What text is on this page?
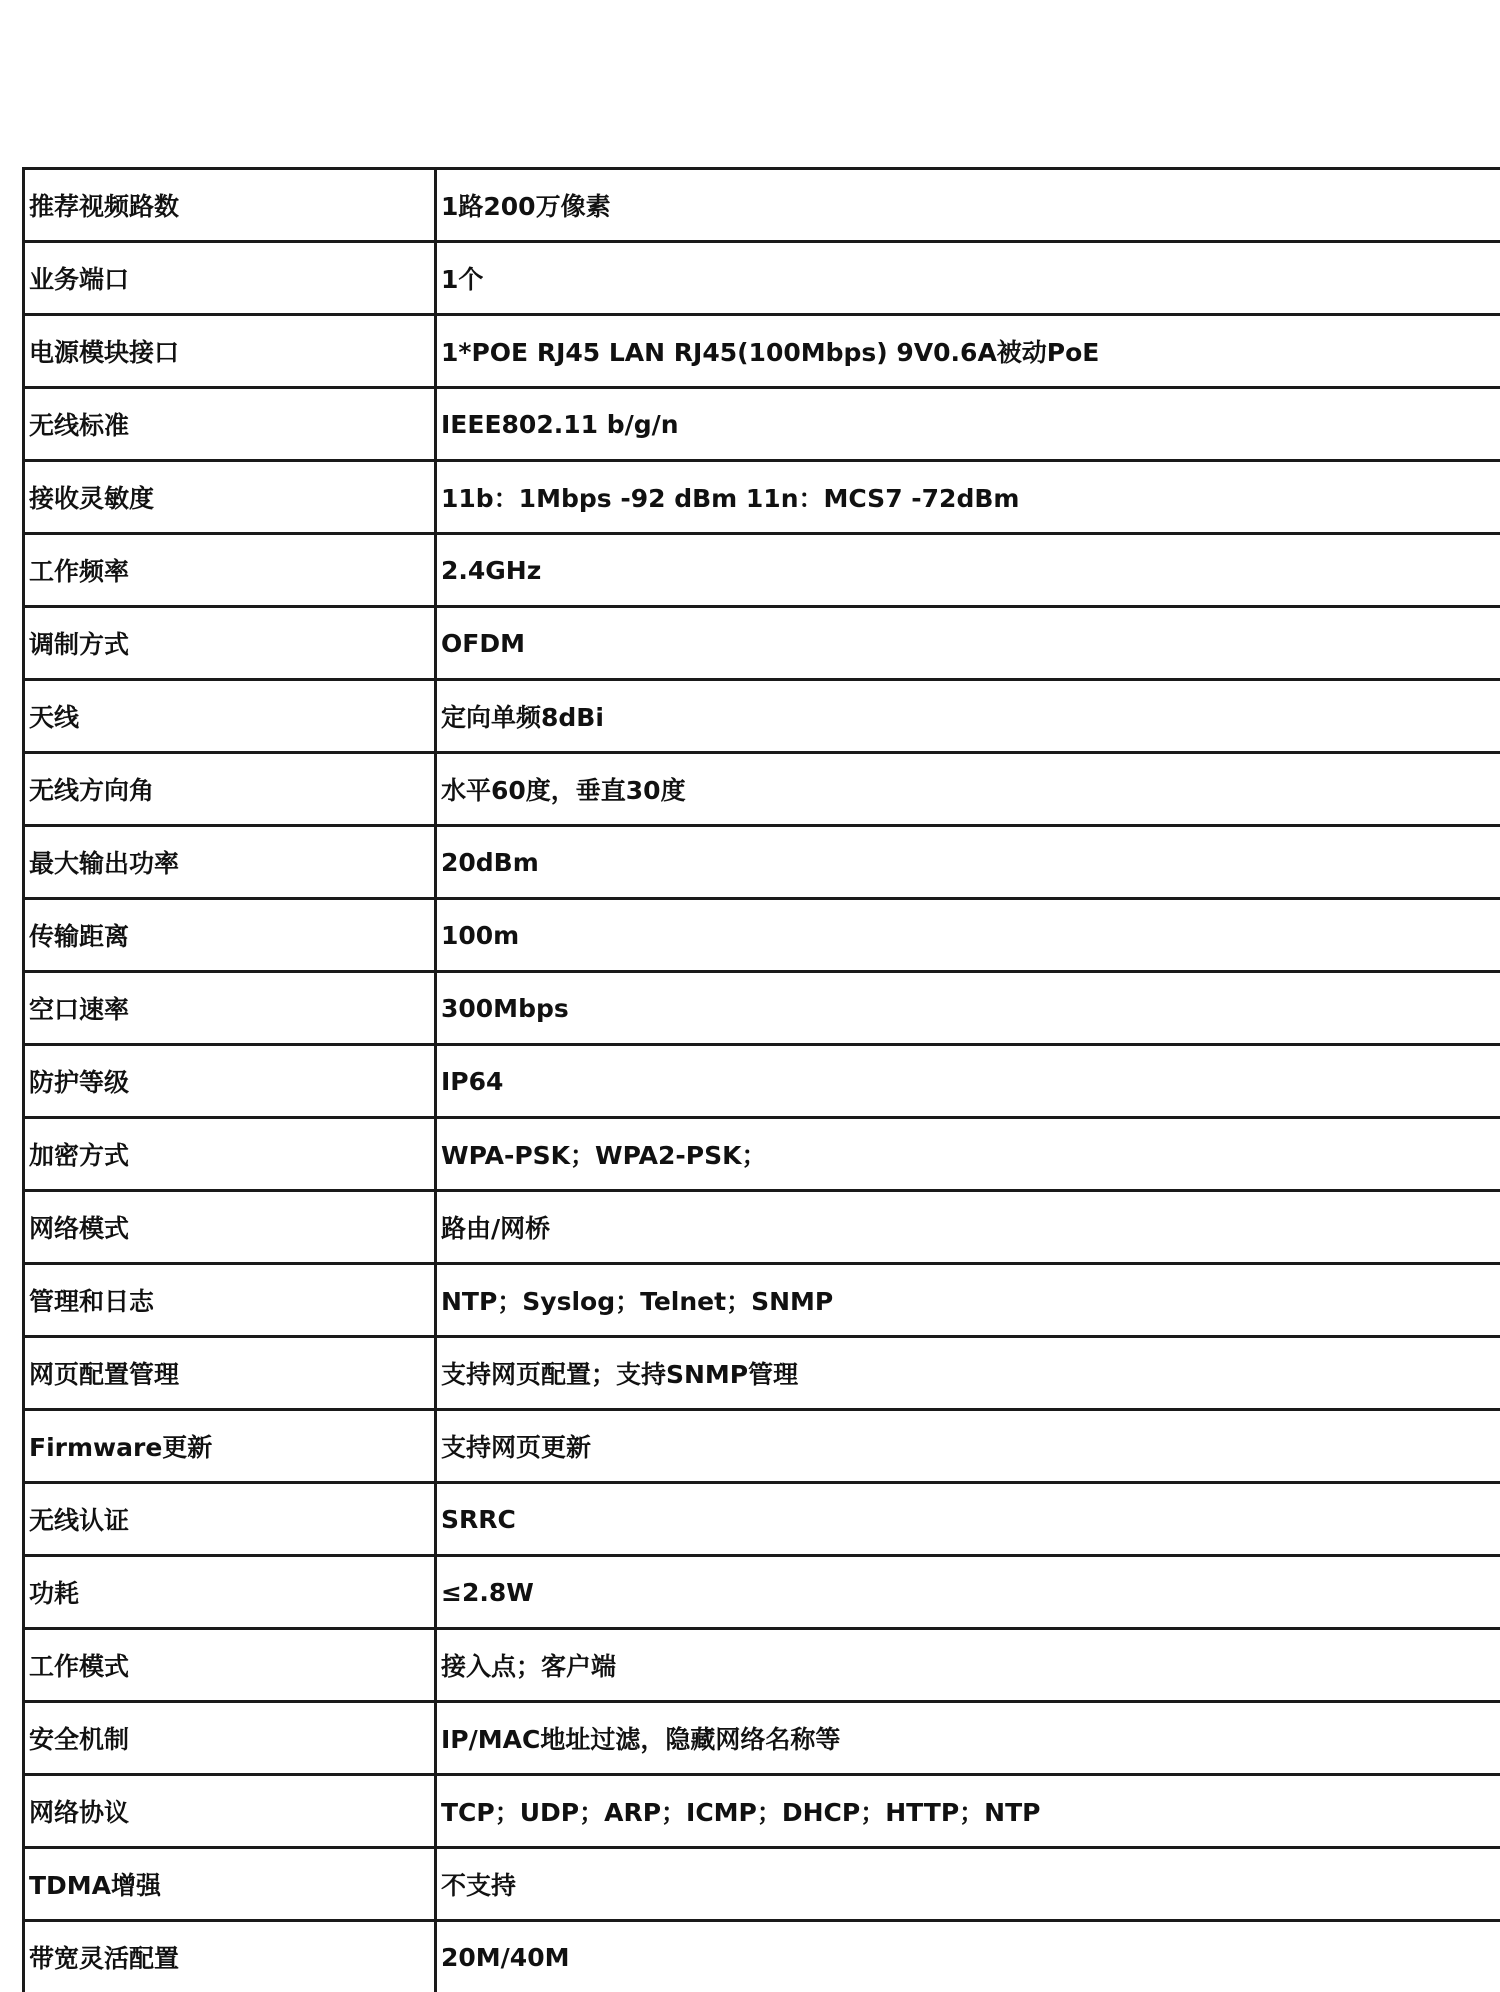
推荐视频路数	1路200万像素
业务端口	1个
电源模块接口	1*POE RJ45 LAN RJ45(100Mbps) 9V0.6A被动PoE
无线标准	IEEE802.11 b/g/n
接收灵敏度	11b：1Mbps -92 dBm 11n：MCS7 -72dBm
工作频率	2.4GHz
调制方式	OFDM
天线	定向单频8dBi
无线方向角	水平60度，垂直30度
最大输出功率	20dBm
传输距离	100m
空口速率	300Mbps
防护等级	IP64
加密方式	WPA-PSK；WPA2-PSK；
网络模式	路由/网桥
管理和日志	NTP；Syslog；Telnet；SNMP
网页配置管理	支持网页配置；支持SNMP管理
Firmware更新	支持网页更新
无线认证	SRRC
功耗	≤2.8W
工作模式	接入点；客户端
安全机制	IP/MAC地址过滤，隐藏网络名称等
网络协议	TCP；UDP；ARP；ICMP；DHCP；HTTP；NTP
TDMA增强	不支持
带宽灵活配置	20M/40M
